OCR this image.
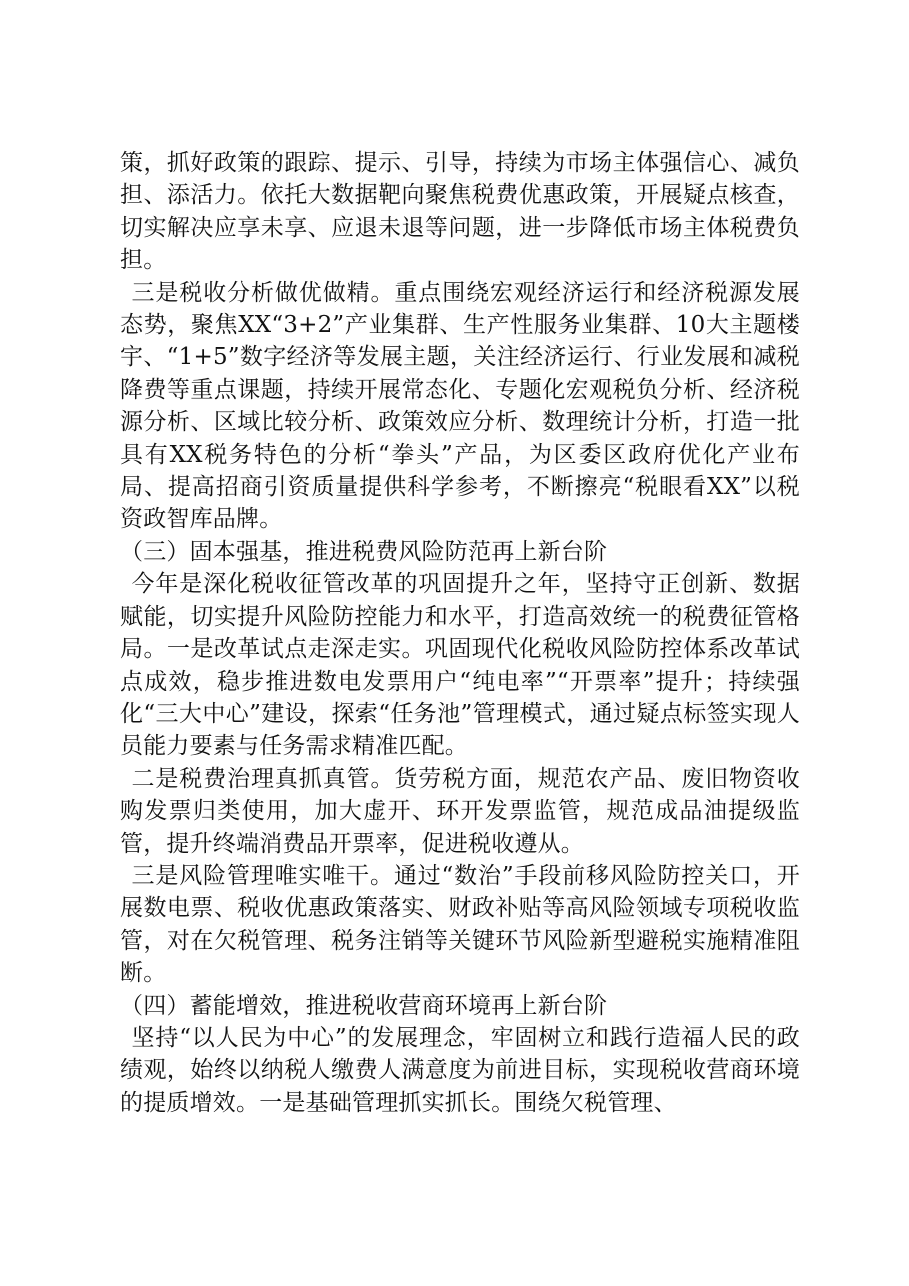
策，抓好政策的跟踪、提示、引导，持续为市场主体强信心、减负担、添活力。依托大数据靶向聚焦税费优惠政策，开展疑点核查，切实解决应享未享、应退未退等问题，进一步降低市场主体税费负担。

三是税收分析做优做精。重点围绕宏观经济运行和经济税源发展态势，聚焦XX“3+2”产业集群、生产性服务业集群、10大主题楼宇、“1+5”数字经济等发展主题，关注经济运行、行业发展和减税降费等重点课题，持续开展常态化、专题化宏观税负分析、经济税源分析、区域比较分析、政策效应分析、数理统计分析，打造一批具有XX税务特色的分析“拳头”产品，为区委区政府优化产业布局、提高招商引资质量提供科学参考，不断擦亮“税眼看XX”以税资政智库品牌。

（三）固本强基，推进税费风险防范再上新台阶

今年是深化税收征管改革的巩固提升之年，坚持守正创新、数据赋能，切实提升风险防控能力和水平，打造高效统一的税费征管格局。一是改革试点走深走实。巩固现代化税收风险防控体系改革试点成效，稳步推进数电发票用户“纯电率”“开票率”提升；持续强化“三大中心”建设，探索“任务池”管理模式，通过疑点标签实现人员能力要素与任务需求精准匹配。

二是税费治理真抓真管。货劳税方面，规范农产品、废旧物资收购发票归类使用，加大虚开、环开发票监管，规范成品油提级监管，提升终端消费品开票率，促进税收遵从。

三是风险管理唯实唯干。通过“数治”手段前移风险防控关口，开展数电票、税收优惠政策落实、财政补贴等高风险领域专项税收监管，对在欠税管理、税务注销等关键环节风险新型避税实施精准阻断。

（四）蓄能增效，推进税收营商环境再上新台阶

坚持“以人民为中心”的发展理念，牢固树立和践行造福人民的政绩观，始终以纳税人缴费人满意度为前进目标，实现税收营商环境的提质增效。一是基础管理抓实抓长。围绕欠税管理、
